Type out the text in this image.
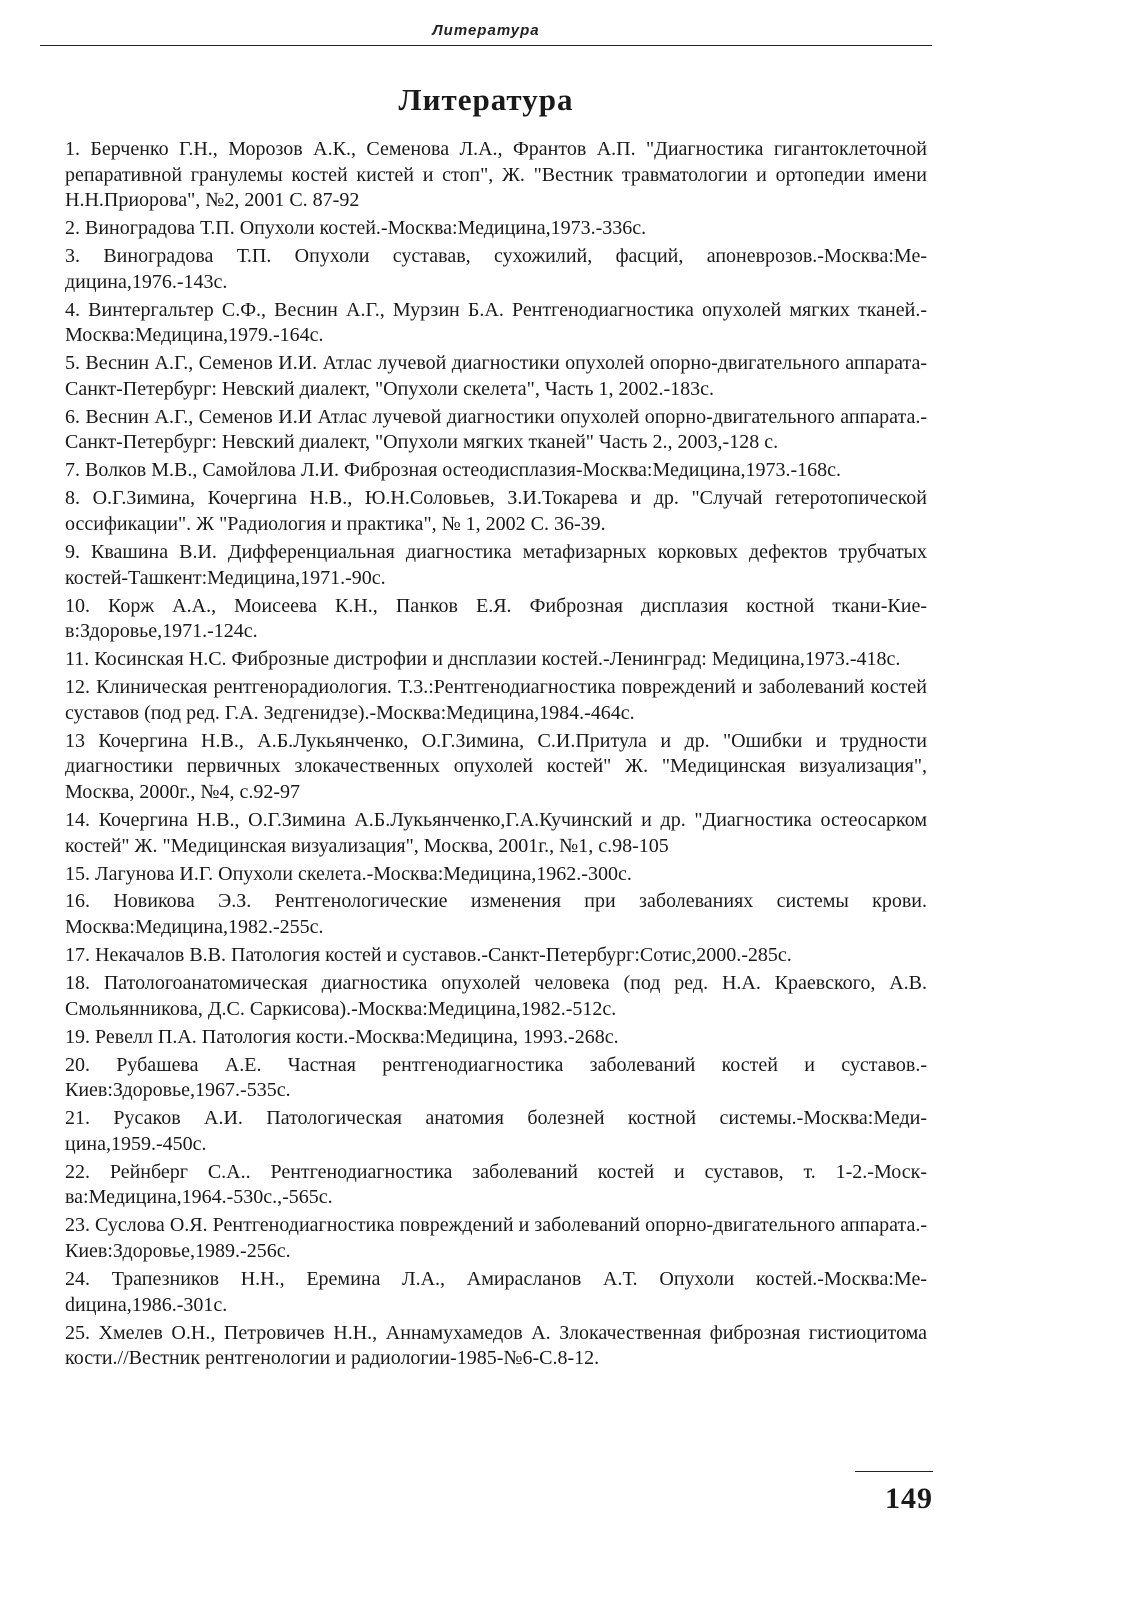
Литература
Литература
1. Берченко Г.Н., Морозов А.К., Семенова Л.А., Франтов А.П. "Диагностика гигантоклеточной репаративной гранулемы костей кистей и стоп", Ж. "Вестник травматологии и ортопедии имени Н.Н.Приорова", №2, 2001 С. 87-92
2. Виноградова Т.П. Опухоли костей.-Москва:Медицина,1973.-336с.
3. Виноградова Т.П. Опухоли суставав, сухожилий, фасций, апоневрозов.-Москва:Медицина,1976.-143с.
4. Винтергальтер С.Ф., Веснин А.Г., Мурзин Б.А. Рентгенодиагностика опухолей мягких тканей.-Москва:Медицина,1979.-164с.
5. Веснин А.Г., Семенов И.И. Атлас лучевой диагностики опухолей опорно-двигательного аппарата-Санкт-Петербург: Невский диалект, "Опухоли скелета", Часть 1, 2002.-183с.
6. Веснин А.Г., Семенов И.И Атлас лучевой диагностики опухолей опорно-двигательного аппарата.-Санкт-Петербург: Невский диалект, "Опухоли мягких тканей" Часть 2., 2003,-128 с.
7. Волков М.В., Самойлова Л.И. Фиброзная остеодисплазия-Москва:Медицина,1973.-168с.
8. О.Г.Зимина, Кочергина Н.В., Ю.Н.Соловьев, З.И.Токарева и др. "Случай гетеротопической оссификации". Ж "Радиология и практика", № 1, 2002 С. 36-39.
9. Квашина В.И. Дифференциальная диагностика метафизарных корковых дефектов трубчатых костей-Ташкент:Медицина,1971.-90с.
10. Корж А.А., Моисеева К.Н., Панков Е.Я. Фиброзная дисплазия костной ткани-Киев:Здоровье,1971.-124с.
11. Косинская Н.С. Фиброзные дистрофии и днсплазии костей.-Ленинград: Медицина,1973.-418с.
12. Клиническая рентгенорадиология. Т.3.:Рентгенодиагностика повреждений и заболеваний костей суставов (под ред. Г.А. Зедгенидзе).-Москва:Медицина,1984.-464с.
13 Кочергина Н.В., А.Б.Лукьянченко, О.Г.Зимина, С.И.Притула и др. "Ошибки и трудности диагностики первичных злокачественных опухолей костей" Ж. "Медицинская визуализация", Москва, 2000г., №4, с.92-97
14. Кочергина Н.В., О.Г.Зимина А.Б.Лукьянченко,Г.А.Кучинский и др. "Диагностика остеосарком костей" Ж. "Медицинская визуализация", Москва, 2001г., №1, с.98-105
15. Лагунова И.Г. Опухоли скелета.-Москва:Медицина,1962.-300с.
16. Новикова Э.З. Рентгенологические изменения при заболеваниях системы крови. Москва:Медицина,1982.-255с.
17. Некачалов В.В. Патология костей и суставов.-Санкт-Петербург:Сотис,2000.-285с.
18. Патологоанатомическая диагностика опухолей человека (под ред. Н.А. Краевского, А.В. Смольянникова, Д.С. Саркисова).-Москва:Медицина,1982.-512с.
19. Ревелл П.А. Патология кости.-Москва:Медицина, 1993.-268с.
20. Рубашева А.Е. Частная рентгенодиагностика заболеваний костей и суставов.-Киев:Здоровье,1967.-535с.
21. Русаков А.И. Патологическая анатомия болезней костной системы.-Москва:Медицина,1959.-450с.
22. Рейнберг С.А.. Рентгенодиагностика заболеваний костей и суставов, т. 1-2.-Москва:Медицина,1964.-530с.,-565с.
23. Суслова О.Я. Рентгенодиагностика повреждений и заболеваний опорно-двигательного аппарата.-Киев:Здоровье,1989.-256с.
24. Трапезников Н.Н., Еремина Л.А., Амирасланов А.Т. Опухоли костей.-Москва:Меdицина,1986.-301с.
25. Хмелев О.Н., Петровичев Н.Н., Аннамухамедов А. Злокачественная фиброзная гистиоцитома кости.//Вестник рентгенологии и радиологии-1985-№6-С.8-12.
149
